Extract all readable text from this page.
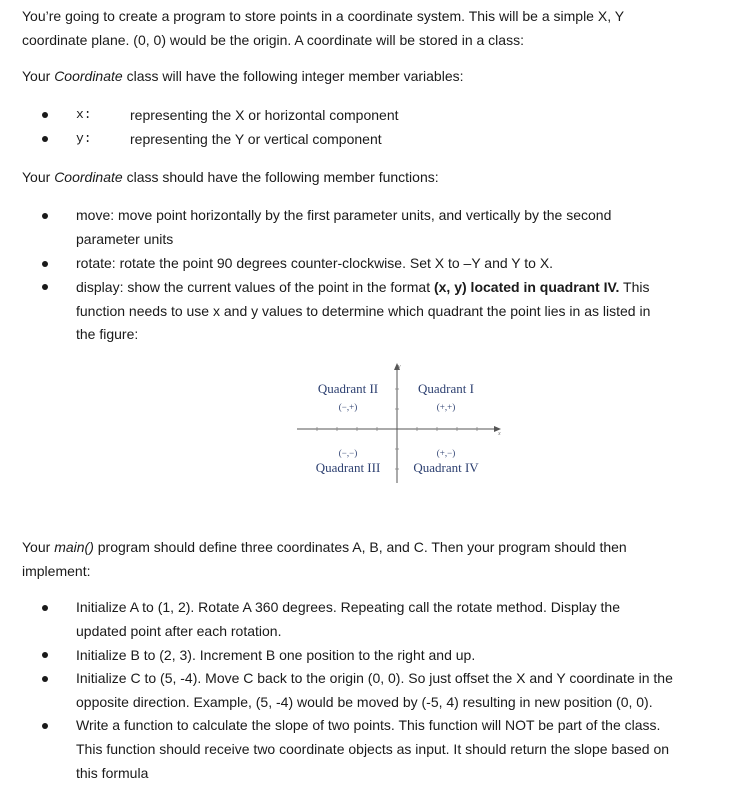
You’re going to create a program to store points in a coordinate system. This will be a simple X, Y

coordinate plane. (0, 0) would be the origin. A coordinate will be stored in a class:

Your Coordinate class will have the following integer member variables:

x:	representing the X or horizontal component
y:	representing the Y or vertical component

Your Coordinate class should have the following member functions:

move: move point horizontally by the first parameter units, and vertically by the second
parameter units
rotate: rotate the point 90 degrees counter-clockwise. Set X to –Y and Y to X.
display: show the current values of the point in the format (x, y) located in quadrant IV. This
function needs to use x and y values to determine which quadrant the point lies in as listed in
the figure:
y
x
Quadrant II
(−,+)
Quadrant I
(+,+)
(−,−)
Quadrant III
(+,−)
Quadrant IV

Your main() program should define three coordinates A, B, and C. Then your program should then

implement:

Initialize A to (1, 2). Rotate A 360 degrees. Repeating call the rotate method. Display the
updated point after each rotation.
Initialize B to (2, 3). Increment B one position to the right and up.
Initialize C to (5, -4). Move C back to the origin (0, 0). So just offset the X and Y coordinate in the
opposite direction. Example, (5, -4) would be moved by (-5, 4) resulting in new position (0, 0).
Write a function to calculate the slope of two points. This function will NOT be part of the class.
This function should receive two coordinate objects as input. It should return the slope based on
this formula
